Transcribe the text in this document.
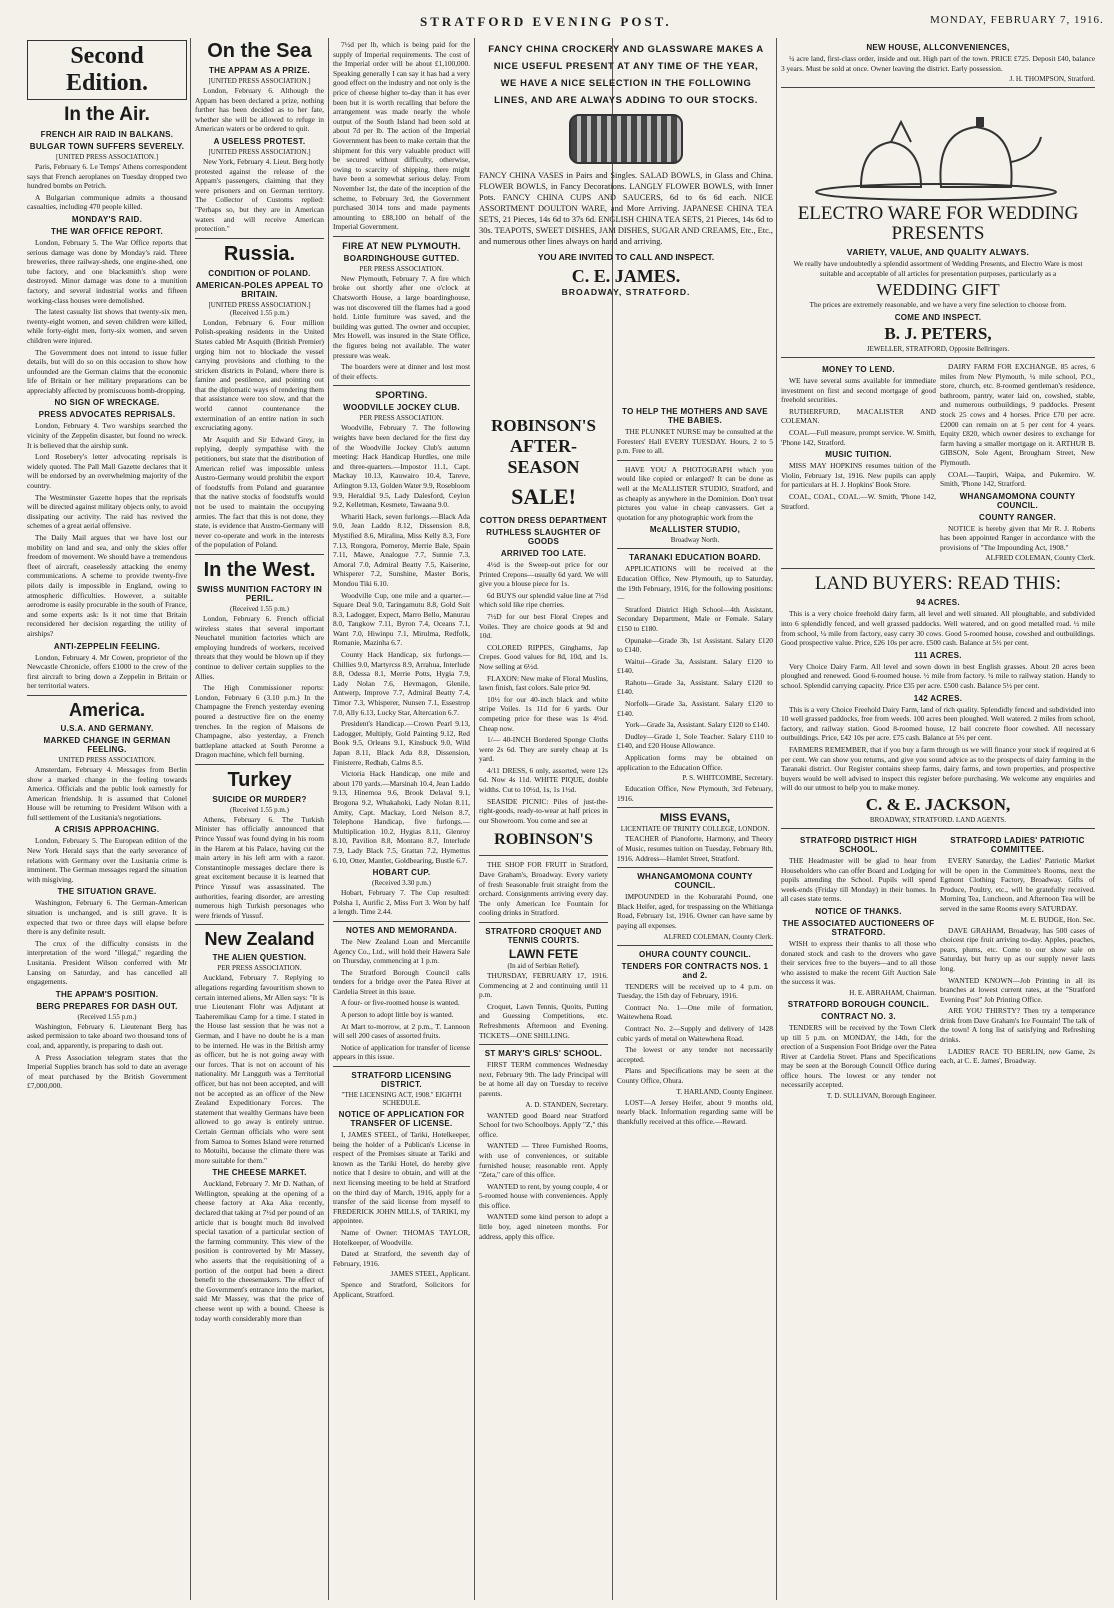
STRATFORD EVENING POST.	MONDAY, FEBRUARY 7, 1916.
Second Edition.
In the Air.
FRENCH AIR RAID IN BALKANS.
BULGAR TOWN SUFFERS SEVERELY.
[UNITED PRESS ASSOCIATION.]

Paris, February 6. Le Temps' Athens correspondent says that French aeroplanes on Tuesday dropped two hundred bombs on Petrich.

A Bulgarian communique admits a thousand casualties, including 470 people killed.

MONDAY'S RAID.
THE WAR OFFICE REPORT.

London, February 5. The War Office reports that serious damage was done by Monday's raid. Three breweries, three railway-sheds, one engine-shed, one tube factory, and one blacksmith's shop were destroyed. Minor damage was done to a munition factory, and several industrial works and fifteen working-class houses were demolished.

The latest casualty list shows that twenty-six men, twenty-eight women, and seven children were killed, while forty-eight men, forty-six women, and seven children were injured.

The Government does not intend to issue fuller details, but will do so on this occasion to show how unfounded are the German claims that the economic life of Britain or her military preparations can be appreciably affected by promiscuous bomb-dropping.

NO SIGN OF WRECKAGE.
PRESS ADVOCATES REPRISALS.

London, February 4. Two warships searched the vicinity of the Zeppelin disaster, but found no wreck. It is believed that the airship sunk.

Lord Rosebery's letter advocating reprisals is widely quoted. The Pall Mall Gazette declares that it will be endorsed by an overwhelming majority of the country.

The Westminster Gazette hopes that the reprisals will be directed against military objects only, to avoid dissipating our activity. The raid has revived the schemes of a great aerial offensive.

The Daily Mail argues that we have lost our mobility on land and sea, and only the skies offer freedom of movement. We should have a tremendous fleet of aircraft, ceaselessly attacking the enemy communications. A scheme to provide twenty-five pilots daily is impossible in England, owing to atmospheric difficulties. However, a suitable aerodrome is easily procurable in the south of France, and some experts ask: Is it not time that Britain reconsidered her decision regarding the utility of airships?

ANTI-ZEPPELIN FEELING.

London, February 4. Mr Cowen, proprietor of the Newcastle Chronicle, offers £1000 to the crew of the first aircraft to bring down a Zeppelin in Britain or her territorial waters.

America.
U.S.A. AND GERMANY.
MARKED CHANGE IN GERMAN FEELING.
UNITED PRESS ASSOCIATION.

Amsterdam, February 4. Messages from Berlin show a marked change in the feeling towards America. Officials and the public look earnestly for American friendship. It is assumed that Colonel House will be returning to President Wilson with a full settlement of the Lusitania's negotiations.

A CRISIS APPROACHING.

London, February 5. The European edition of the New York Herald says that the early severance of relations with Germany over the Lusitania crime is imminent. The German messages regard the situation with misgiving.

THE SITUATION GRAVE.

Washington, February 6. The German-American situation is unchanged, and is still grave. It is expected that two or three days will elapse before there is any definite result.

The crux of the difficulty consists in the interpretation of the word "illegal," regarding the Lusitania. President Wilson conferred with Mr Lansing on Saturday, and has cancelled all engagements.

THE APPAM'S POSITION.
BERG PREPARES FOR DASH OUT.
(Received 1.55 p.m.)

Washington, February 6. Lieutenant Berg has asked permission to take aboard two thousand tons of coal, and, apparently, is preparing to dash out.

A Press Association telegram states that the Imperial Supplies branch has sold to date an average of meat purchased by the British Government £7,000,000.

On the Sea
THE APPAM AS A PRIZE.
[UNITED PRESS ASSOCIATION.]

London, February 6. Although the Appam has been declared a prize, nothing further has been decided as to her fate, whether she will be allowed to refuge in American waters or be ordered to quit.

A USELESS PROTEST.
[UNITED PRESS ASSOCIATION.]

New York, February 4. Lieut. Berg hotly protested against the release of the Appam's passengers, claiming that they were prisoners and on German territory. The Collector of Customs replied: "Perhaps so, but they are in American waters and will receive American protection."

Russia.
CONDITION OF POLAND.
AMERICAN-POLES APPEAL TO BRITAIN.
[UNITED PRESS ASSOCIATION.] (Received 1.55 p.m.)

London, February 6. Four million Polish-speaking residents in the United States cabled Mr Asquith (British Premier) urging him not to blockade the vessel carrying provisions and clothing to the stricken districts in Poland, where there is famine and pestilence, and pointing out that the diplomatic ways of rendering them that assistance were too slow, and that the world cannot countenance the extermination of an entire nation in such excruciating agony.

Mr Asquith and Sir Edward Grey, in replying, deeply sympathise with the petitioners, but state that the distribution of American relief was impossible unless Austro-Germany would prohibit the export of foodstuffs from Poland and guarantee that the native stocks of foodstuffs would not be used to maintain the occupying armies. The fact that this is not done, they state, is evidence that Austro-Germany will never co-operate and work in the interests of the population of Poland.

In the West.
SWISS MUNITION FACTORY IN PERIL.
(Received 1.55 p.m.)

London, February 6. French official wireless states that several important Neuchatel munition factories which are employing hundreds of workers, received threats that they would be blown up if they continue to deliver certain supplies to the Allies.

The High Commissioner reports: London, February 6 (3.10 p.m.) In the Champagne the French yesterday evening poured a destructive fire on the enemy trenches. In the region of Maisons de Champagne, also yesterday, a French battleplane attacked at South Peronne a Dragon machine, which fell burning.

Turkey
SUICIDE OR MURDER?
(Received 1.55 p.m.)

Athens, February 6. The Turkish Minister has officially announced that Prince Yussuf was found dying in his room in the Harem at his Palace, having cut the main artery in his left arm with a razor. Constantinople messages declare there is great excitement because it is learned that Prince Yussuf was assassinated. The authorities, fearing disorder, are arresting numerous high Turkish personages who were friends of Yussuf.

New Zealand
THE ALIEN QUESTION.
PER PRESS ASSOCIATION.

Auckland, February 7. Replying to allegations regarding favouritism shown to certain interned aliens, Mr Allen says: "It is true Lieutenant Flohr was Adjutant at Taaheremikau Camp for a time. I stated in the House last session that he was not a German, and I have no doubt he is a man to be interned. He was in the British army as officer, but he is not going away with our forces. That is not on account of his nationality. Mr Langguth was a Territorial officer, but has not been accepted, and will not be accepted as an officer of the New Zealand Expeditionary Forces. The statement that wealthy Germans have been allowed to go away is entirely untrue. Certain German officials who were sent from Samoa to Somes Island were returned to Motuihi, because the climate there was more suitable for them."

THE CHEESE MARKET.

Auckland, February 7. Mr D. Nathan, of Wellington, speaking at the opening of a cheese factory at Aka Aka recently, declared that taking at 7½d per pound of an article that is bought much 8d involved special taxation of a particular section of the farming community. This view of the position is controverted by Mr Massey, who asserts that the requisitioning of a portion of the output had been a direct benefit to the cheesemakers. The effect of the Government's entrance into the market, said Mr Massey, was that the price of cheese went up with a bound. Cheese is today worth considerably more than

7½d per lb, which is being paid for the supply of Imperial requirements. The cost of the Imperial order will be about £1,100,000. Speaking generally I can say it has had a very good effect on the industry and not only is the price of cheese higher to-day than it has ever been but it is worth recalling that before the arrangement was made nearly the whole output of the South Island had been sold at about 7d per lb. The action of the Imperial Government has been to make certain that the shipment for this very valuable product will be secured without difficulty, otherwise, owing to scarcity of shipping, there might have been a somewhat serious delay. From November 1st, the date of the inception of the scheme, to February 3rd, the Government purchased 3014 tons and made payments amounting to £88,100 on behalf of the Imperial Government.

FIRE AT NEW PLYMOUTH.
BOARDINGHOUSE GUTTED.
PER PRESS ASSOCIATION.

New Plymouth, February 7. A fire which broke out shortly after one o'clock at Chatsworth House, a large boardinghouse, was not discovered till the flames had a good hold. Little furniture was saved, and the building was gutted. The owner and occupier, Mrs Howell, was insured in the State Office, the figures being not available. The water pressure was weak.

The boarders were at dinner and lost most of their effects.

SPORTING.
WOODVILLE JOCKEY CLUB.
PER PRESS ASSOCIATION.

Woodville, February 7. The following weights have been declared for the first day of the Woodville Jockey Club's autumn meeting: Hack Handicap Hurdles, one mile and three-quarters.—Impostor 11.1, Capt. Mackay 10.13, Kauwairo 10.4, Tareve, Arlington 9.13, Golden Water 9.9, Rosebloom 9.9, Heraldial 9.5, Lady Dalesford, Ceylon 9.2, Kelletman, Kesmete, Tawaana 9.0.

Whariti Hack, seven furlongs.—Black Ada 9.0, Jean Laddo 8.12, Dissension 8.8, Mystified 8.6, Miralina, Miss Kelly 8.3, Fore 7.13, Rongora, Pomeroy, Merrie Bale, Spain 7.11, Mawe, Analogue 7.7, Sunnie 7.3, Amoral 7.0, Admiral Beatty 7.5, Kaiserine, Whisperer 7.2, Sunshine, Master Boris, Mondou Tiki 6.10.

Woodville Cup, one mile and a quarter.—Square Deal 9.0, Taringamutu 8.8, Gold Suit 8.3, Ladogger, Expect, Marro Bello, Manurau 8.0, Tangkow 7.11, Byron 7.4, Oceans 7.1, Want 7.0, Hiwinpu 7.1, Mirulma, Redfolk, Romanie, Mazinha 6.7.

County Hack Handicap, six furlongs.—Chillies 9.0, Martyrcss 8.9, Arrahua, Interlude 8.8, Odessa 8.1, Merrie Potts, Hygia 7.9, Lady Nolan 7.6, Hevmagon, Glenile, Antwerp, Improve 7.7, Admiral Beatty 7.4, Timor 7.3, Whisperer, Nunsen 7.1, Essestrop 7.0, Ally 6.13, Lucky Star, Altercation 6.7.

President's Handicap.—Crown Pearl 9.13, Ladogger, Multiply, Gold Painting 9.12, Red Book 9.5, Orleans 9.1, Kinsbuck 9.0, Wild Japan 8.11, Black Ada 8.8, Dissension, Finisterre, Redhab, Calms 8.5.

Victoria Hack Handicap, one mile and about 170 yards.—Marsinah 10.4, Jean Laddo 9.13, Hinemoa 9.6, Brook Delaval 9.1, Brogona 9.2, Whakahoki, Lady Nolan 8.11, Amity, Capt. Mackay, Lord Nelson 8.7, Telephone Handicap, five furlongs.—Multiplication 10.2, Hygias 8.11, Glenroy 8.10, Pavilion 8.8, Montano 8.7, Interlude 7.9, Lady Black 7.5, Grattan 7.2, Hymettus 6.10, Otter, Mantlet, Goldbearing, Bustle 6.7.

HOBART CUP.
(Received 3.30 p.m.)

Hobart, February 7. The Cup resulted: Polsha 1, Aurific 2, Miss Fort 3. Won by half a length. Time 2.44.

NOTES AND MEMORANDA.

The New Zealand Loan and Mercantile Agency Co., Ltd., will hold their Hawera Sale on Thursday, commencing at 1 p.m.

The Stratford Borough Council calls tenders for a bridge over the Patea River at Cardelia Street in this issue.

A four- or five-roomed house is wanted.

A person to adopt little boy is wanted.

At Mart to-morrow, at 2 p.m., T. Lannoon will sell 200 cases of assorted fruits.

Notice of application for transfer of license appears in this issue.

STRATFORD LICENSING DISTRICT.
"THE LICENSING ACT, 1908." EIGHTH SCHEDULE.
NOTICE OF APPLICATION FOR TRANSFER OF LICENSE.

I, JAMES STEEL, of Tariki, Hotelkeeper, being the holder of a Publican's License in respect of the Premises situate at Tariki and known as the Tariki Hotel, do hereby give notice that I desire to obtain, and will at the next licensing meeting to be held at Stratford on the third day of March, 1916, apply for a transfer of the said license from myself to FREDERICK JOHN MILLS, of TARIKI, my appointee.

Name of Owner: THOMAS TAYLOR, Hotelkeeper, of Woodville.

Dated at Stratford, the seventh day of February, 1916.

JAMES STEEL, Applicant.

Spence and Stratford, Solicitors for Applicant, Stratford.

FANCY CHINA CROCKERY AND GLASSWARE MAKES A
NICE USEFUL PRESENT AT ANY TIME OF THE YEAR,
WE HAVE A NICE SELECTION IN THE FOLLOWING
LINES, AND ARE ALWAYS ADDING TO OUR STOCKS.

FANCY CHINA VASES in Pairs and Singles. SALAD BOWLS, in Glass and China. FLOWER BOWLS, in Fancy Decorations. LANGLY FLOWER BOWLS, with Inner Pots. FANCY CHINA CUPS AND SAUCERS, 6d to 6s 6d each. NICE ASSORTMENT DOULTON WARE, and More Arriving. JAPANESE CHINA TEA SETS, 21 Pieces, 14s 6d to 37s 6d. ENGLISH CHINA TEA SETS, 21 Pieces, 14s 6d to 30s. TEAPOTS, SWEET DISHES, JAM DISHES, SUGAR AND CREAMS, Etc., Etc., and numerous other lines always on hand and arriving.

YOU ARE INVITED TO CALL AND INSPECT.
C. E. JAMES.
BROADWAY, STRATFORD.
ROBINSON'S
AFTER-
SEASON
SALE!
COTTON DRESS DEPARTMENT
RUTHLESS SLAUGHTER OF GOODS
ARRIVED TOO LATE.

4½d is the Sweep-out price for our Printed Crepons—usually 6d yard. We will give you a blouse piece for 1s.

6d BUYS our splendid value line at 7½d which sold like ripe cherries.

7½D for our best Floral Crepes and Voiles. They are choice goods at 9d and 10d.

COLORED RIPPES, Ginghams, Jap Crepes. Good values for 8d, 10d, and 1s. Now selling at 6½d.

FLAXON: New make of Floral Muslins, lawn finish, fast colors. Sale price 9d.

10½ for our 40-inch black and white stripe Voiles. 1s 11d for 6 yards. Our competing price for these was 1s 4½d. Cheap now.

1/— 40-INCH Bordered Sponge Cloths were 2s 6d. They are surely cheap at 1s yard.

4/11 DRESS, 6 only, assorted, were 12s 6d. Now 4s 11d. WHITE PIQUE, double widths. Cut to 10½d, 1s, 1s 1½d.

SEASIDE PICNIC: Piles of just-the-right-goods, ready-to-wear at half prices in our Showroom. You come and see at

ROBINSON'S

THE SHOP FOR FRUIT in Stratford, Dave Graham's, Broadway. Every variety of fresh Seasonable fruit straight from the orchard. Consignments arriving every day. The only American Ice Fountain for cooling drinks in Stratford.

STRATFORD CROQUET AND TENNIS COURTS.
LAWN FETE
(In aid of Serbian Relief).

THURSDAY, FEBRUARY 17, 1916. Commencing at 2 and continuing until 11 p.m.

Croquet, Lawn Tennis, Quoits, Putting and Guessing Competitions, etc. Refreshments Afternoon and Evening. TICKETS—ONE SHILLING.

ST MARY'S GIRLS' SCHOOL.

FIRST TERM commences Wednesday next, February 9th. The lady Principal will be at home all day on Tuesday to receive parents.

A. D. STANDEN, Secretary.

WANTED good Board near Stratford School for two Schoolboys. Apply "Z," this office.

WANTED — Three Furnished Rooms, with use of conveniences, or suitable furnished house; reasonable rent. Apply "Zeta," care of this office.

WANTED to rent, by young couple, 4 or 5-roomed house with conveniences. Apply this office.

WANTED some kind person to adopt a little boy, aged nineteen months. For address, apply this office.

TO HELP THE MOTHERS AND SAVE THE BABIES.

THE PLUNKET NURSE may be consulted at the Foresters' Hall EVERY TUESDAY. Hours, 2 to 5 p.m. Free to all.

HAVE YOU A PHOTOGRAPH which you would like copied or enlarged? It can be done as well at the McALLISTER STUDIO, Stratford, and as cheaply as anywhere in the Dominion. Don't treat pictures you value in cheap canvassers. Get a quotation for any photographic work from the

McALLISTER STUDIO,
Broadway North.
TARANAKI EDUCATION BOARD.

APPLICATIONS will be received at the Education Office, New Plymouth, up to Saturday, the 19th February, 1916, for the following positions:—

Stratford District High School—4th Assistant, Secondary Department, Male or Female. Salary £150 to £180.

Opunake—Grade 3b, 1st Assistant. Salary £120 to £140.

Waitui—Grade 3a, Assistant. Salary £120 to £140.

Rahotu—Grade 3a, Assistant. Salary £120 to £140.

Norfolk—Grade 3a, Assistant. Salary £120 to £140.

York—Grade 3a, Assistant. Salary £120 to £140.

Dudley—Grade 1, Sole Teacher. Salary £110 to £140, and £20 House Allowance.

Application forms may be obtained on application to the Education Office.

P. S. WHITCOMBE, Secretary.

Education Office, New Plymouth, 3rd February, 1916.

MISS EVANS,
LICENTIATE OF TRINITY COLLEGE, LONDON.

TEACHER of Pianoforte, Harmony, and Theory of Music, resumes tuition on Tuesday, February 8th, 1916. Address—Hamlet Street, Stratford.

WHANGAMOMONA COUNTY COUNCIL.

IMPOUNDED in the Kohuratahi Pound, one Black Heifer, aged, for trespassing on the Whitianga Road, February 1st, 1916. Owner can have same by paying all expenses.

ALFRED COLEMAN, County Clerk.
OHURA COUNTY COUNCIL.
TENDERS FOR CONTRACTS NOS. 1 and 2.

TENDERS will be received up to 4 p.m. on Tuesday, the 15th day of February, 1916.

Contract No. 1—One mile of formation, Waitewhena Road.

Contract No. 2—Supply and delivery of 1428 cubic yards of metal on Waitewhena Road.

The lowest or any tender not necessarily accepted.

Plans and Specifications may be seen at the County Office, Ohura.

T. HARLAND, County Engineer.

LOST—A Jersey Heifer, about 9 months old, nearly black. Information regarding same will be thankfully received at this office.—Reward.

NEW HOUSE, ALLCONVENIENCES,

¼ acre land, first-class order, inside and out. High part of the town. PRICE £725. Deposit £40, balance 3 years. Must be sold at once. Owner leaving the district. Early possession.

J. H. THOMPSON, Stratford.
ELECTRO WARE FOR WEDDING PRESENTS
VARIETY, VALUE, AND QUALITY ALWAYS.

We really have undoubtedly a splendid assortment of Wedding Presents, and Electro Ware is most suitable and acceptable of all articles for presentation purposes, particularly as a

WEDDING GIFT

The prices are extremely reasonable, and we have a very fine selection to choose from.

COME AND INSPECT.
B. J. PETERS,
JEWELLER, STRATFORD, Opposite Bellringers.
MONEY TO LEND.

WE have several sums available for immediate investment on first and second mortgage of good freehold securities.

RUTHERFURD, MACALISTER AND COLEMAN.

COAL—Full measure, prompt service. W. Smith, 'Phone 142, Stratford.

MUSIC TUITION.

MISS MAY HOPKINS resumes tuition of the Violin, February 1st, 1916. New pupils can apply for particulars at H. J. Hopkins' Book Store.

COAL, COAL, COAL.—W. Smith, 'Phone 142, Stratford.

DAIRY FARM FOR EXCHANGE. 85 acres, 6 miles from New Plymouth, ¼ mile school, P.O., store, church, etc. 8-roomed gentleman's residence, bathroom, pantry, water laid on, cowshed, stable, and numerous outbuildings, 9 paddocks. Present stock 25 cows and 4 horses. Price £70 per acre. £2000 can remain on at 5 per cent for 4 years. Equity £820, which owner desires to exchange for farm having a smaller mortgage on it. ARTHUR B. GIBSON, Sole Agent, Brougham Street, New Plymouth.

COAL—Taupiri, Waipa, and Pukemiro. W. Smith, 'Phone 142, Stratford.

WHANGAMOMONA COUNTY COUNCIL.
COUNTY RANGER.

NOTICE is hereby given that Mr R. J. Roberts has been appointed Ranger in accordance with the provisions of "The Impounding Act, 1908."

ALFRED COLEMAN, County Clerk.
LAND BUYERS: READ THIS:
94 ACRES.

This is a very choice freehold dairy farm, all level and well situated. All ploughable, and subdivided into 6 splendidly fenced, and well grassed paddocks. Well watered, and on good metalled road. ½ mile from school, ¼ mile from factory, easy carry 30 cows. Good 5-roomed house, cowshed and outbuildings. Good prospective value. Price, £26 10s per acre. £500 cash. Balance at 5½ per cent.

111 ACRES.

Very Choice Dairy Farm. All level and sown down in best English grasses. About 20 acres been ploughed and renewed. Good 6-roomed house. ½ mile from factory. ¼ mile to railway station. Handy to school. Splendid carrying capacity. Price £35 per acre. £500 cash. Balance 5½ per cent.

142 ACRES.

This is a very Choice Freehold Dairy Farm, land of rich quality. Splendidly fenced and subdivided into 10 well grassed paddocks, free from weeds. 100 acres been ploughed. Well watered. 2 miles from school, factory, and railway station. Good 8-roomed house, 12 bail concrete floor cowshed. All necessary outbuildings. Price, £42 10s per acre. £75 cash. Balance at 5½ per cent.

FARMERS REMEMBER, that if you buy a farm through us we will finance your stock if required at 6 per cent. We can show you returns, and give you sound advice as to the prospects of dairy farming in the Taranaki district. Our Register contains sheep farms, dairy farms, and town properties, and prospective buyers would be well advised to inspect this register before purchasing. We welcome any enquiries and will do our utmost to help you to make money.

C. & E. JACKSON,
BROADWAY, STRATFORD. LAND AGENTS.
STRATFORD DISTRICT HIGH SCHOOL.

THE Headmaster will be glad to hear from Householders who can offer Board and Lodging for pupils attending the School. Pupils will spend week-ends (Friday till Monday) in their homes. In all cases state terms.

NOTICE OF THANKS.
THE ASSOCIATED AUCTIONEERS OF STRATFORD.

WISH to express their thanks to all those who donated stock and cash to the drovers who gave their services free to the buyers—and to all those who assisted to make the recent Gift Auction Sale the success it was.

H. E. ABRAHAM, Chairman.
STRATFORD BOROUGH COUNCIL.
CONTRACT NO. 3.

TENDERS will be received by the Town Clerk up till 5 p.m. on MONDAY, the 14th, for the erection of a Suspension Foot Bridge over the Patea River at Cardelia Street. Plans and Specifications may be seen at the Borough Council Office during office hours. The lowest or any tender not necessarily accepted.

T. D. SULLIVAN, Borough Engineer.
STRATFORD LADIES' PATRIOTIC COMMITTEE.

EVERY Saturday, the Ladies' Patriotic Market will be open in the Committee's Rooms, next the Egmont Clothing Factory, Broadway. Gifts of Produce, Poultry, etc., will be gratefully received. Morning Tea, Luncheon, and Afternoon Tea will be served in the same Rooms every SATURDAY.

M. E. BUDGE, Hon. Sec.

DAVE GRAHAM, Broadway, has 500 cases of choicest ripe fruit arriving to-day. Apples, peaches, pears, plums, etc. Come to our show sale on Saturday, but hurry up as our supply never lasts long.

WANTED KNOWN—Job Printing in all its branches at lowest current rates, at the "Stratford Evening Post" Job Printing Office.

ARE YOU THIRSTY? Then try a temperance drink from Dave Graham's Ice Fountain! The talk of the town! A long list of satisfying and Refreshing drinks.

LADIES' RACE TO BERLIN, new Game, 2s each, at C. E. James', Broadway.
